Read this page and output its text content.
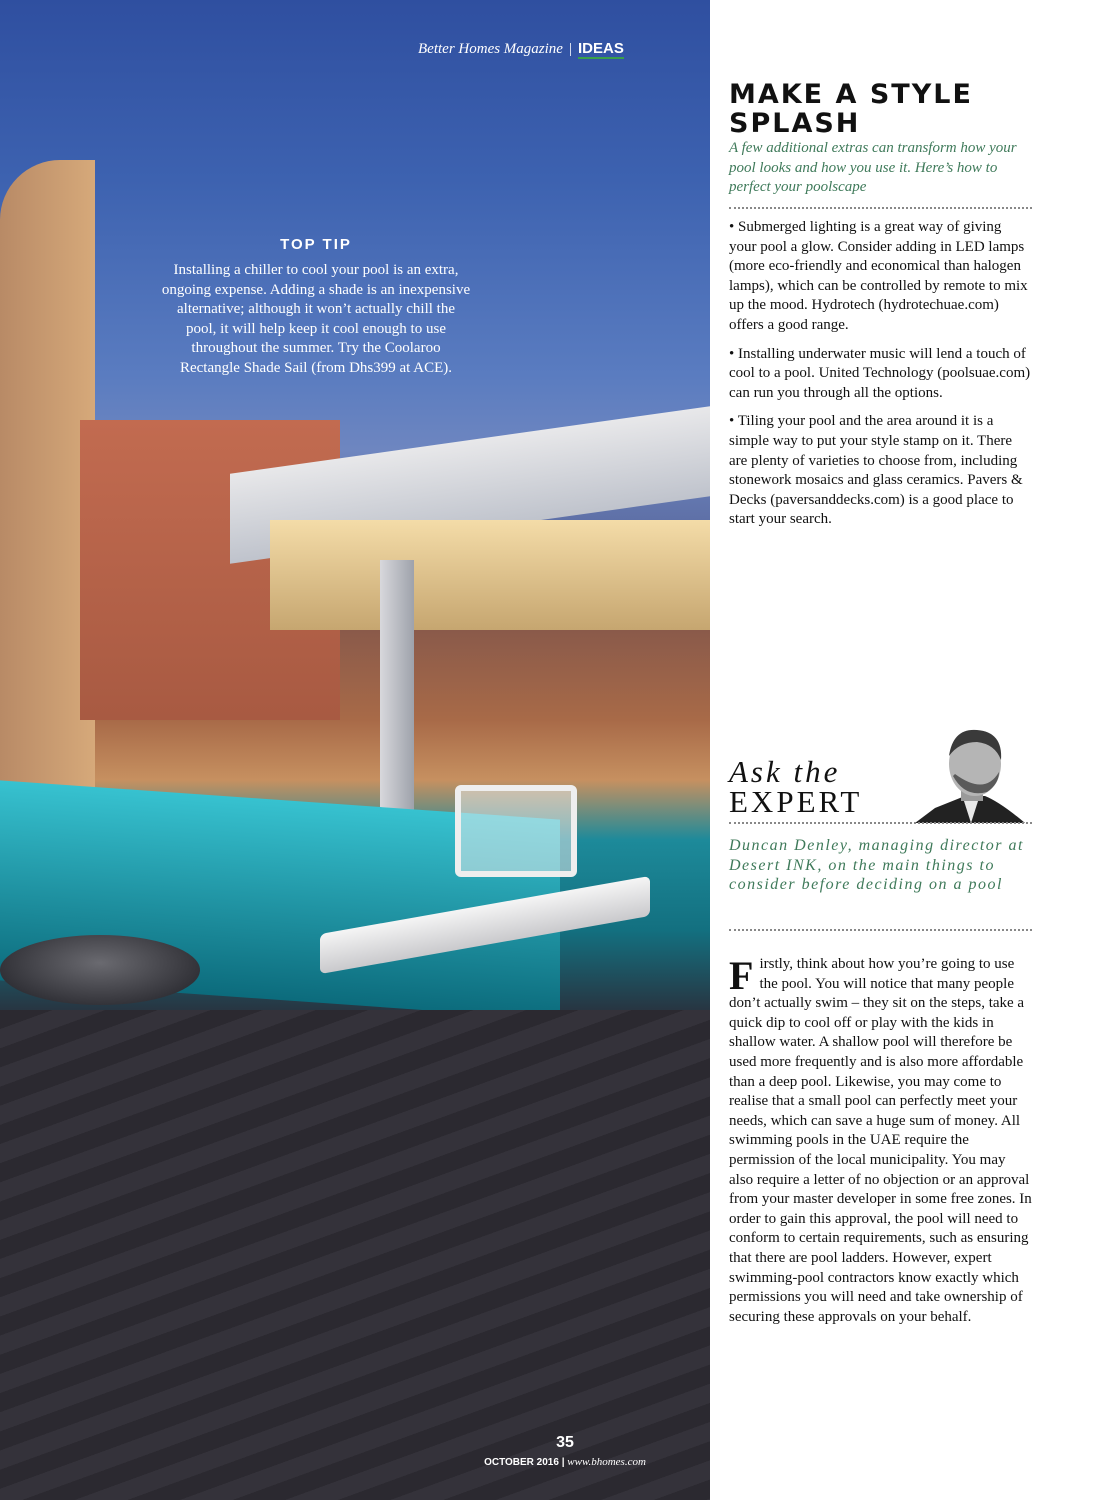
Better Homes Magazine | IDEAS
TOP TIP

Installing a chiller to cool your pool is an extra, ongoing expense. Adding a shade is an inexpensive alternative; although it won’t actually chill the pool, it will help keep it cool enough to use throughout the summer. Try the Coolaroo Rectangle Shade Sail (from Dhs399 at ACE).

35
OCTOBER 2016 | www.bhomes.com
MAKE A STYLE SPLASH

A few additional extras can transform how your pool looks and how you use it. Here’s how to perfect your poolscape

• Submerged lighting is a great way of giving your pool a glow. Consider adding in LED lamps (more eco-friendly and economical than halogen lamps), which can be controlled by remote to mix up the mood. Hydrotech (hydrotechuae.com) offers a good range.

• Installing underwater music will lend a touch of cool to a pool. United Technology (poolsuae.com) can run you through all the options.

• Tiling your pool and the area around it is a simple way to put your style stamp on it. There are plenty of varieties to choose from, including stonework mosaics and glass ceramics. Pavers & Decks (paversanddecks.com) is a good place to start your search.

Ask the
EXPERT

Duncan Denley, managing director at Desert INK, on the main things to consider before deciding on a pool

Firstly, think about how you’re going to use the pool. You will notice that many people don’t actually swim – they sit on the steps, take a quick dip to cool off or play with the kids in shallow water. A shallow pool will therefore be used more frequently and is also more affordable than a deep pool. Likewise, you may come to realise that a small pool can perfectly meet your needs, which can save a huge sum of money. All swimming pools in the UAE require the permission of the local municipality. You may also require a letter of no objection or an approval from your master developer in some free zones. In order to gain this approval, the pool will need to conform to certain requirements, such as ensuring that there are pool ladders. However, expert swimming-pool contractors know exactly which permissions you will need and take ownership of securing these approvals on your behalf.
